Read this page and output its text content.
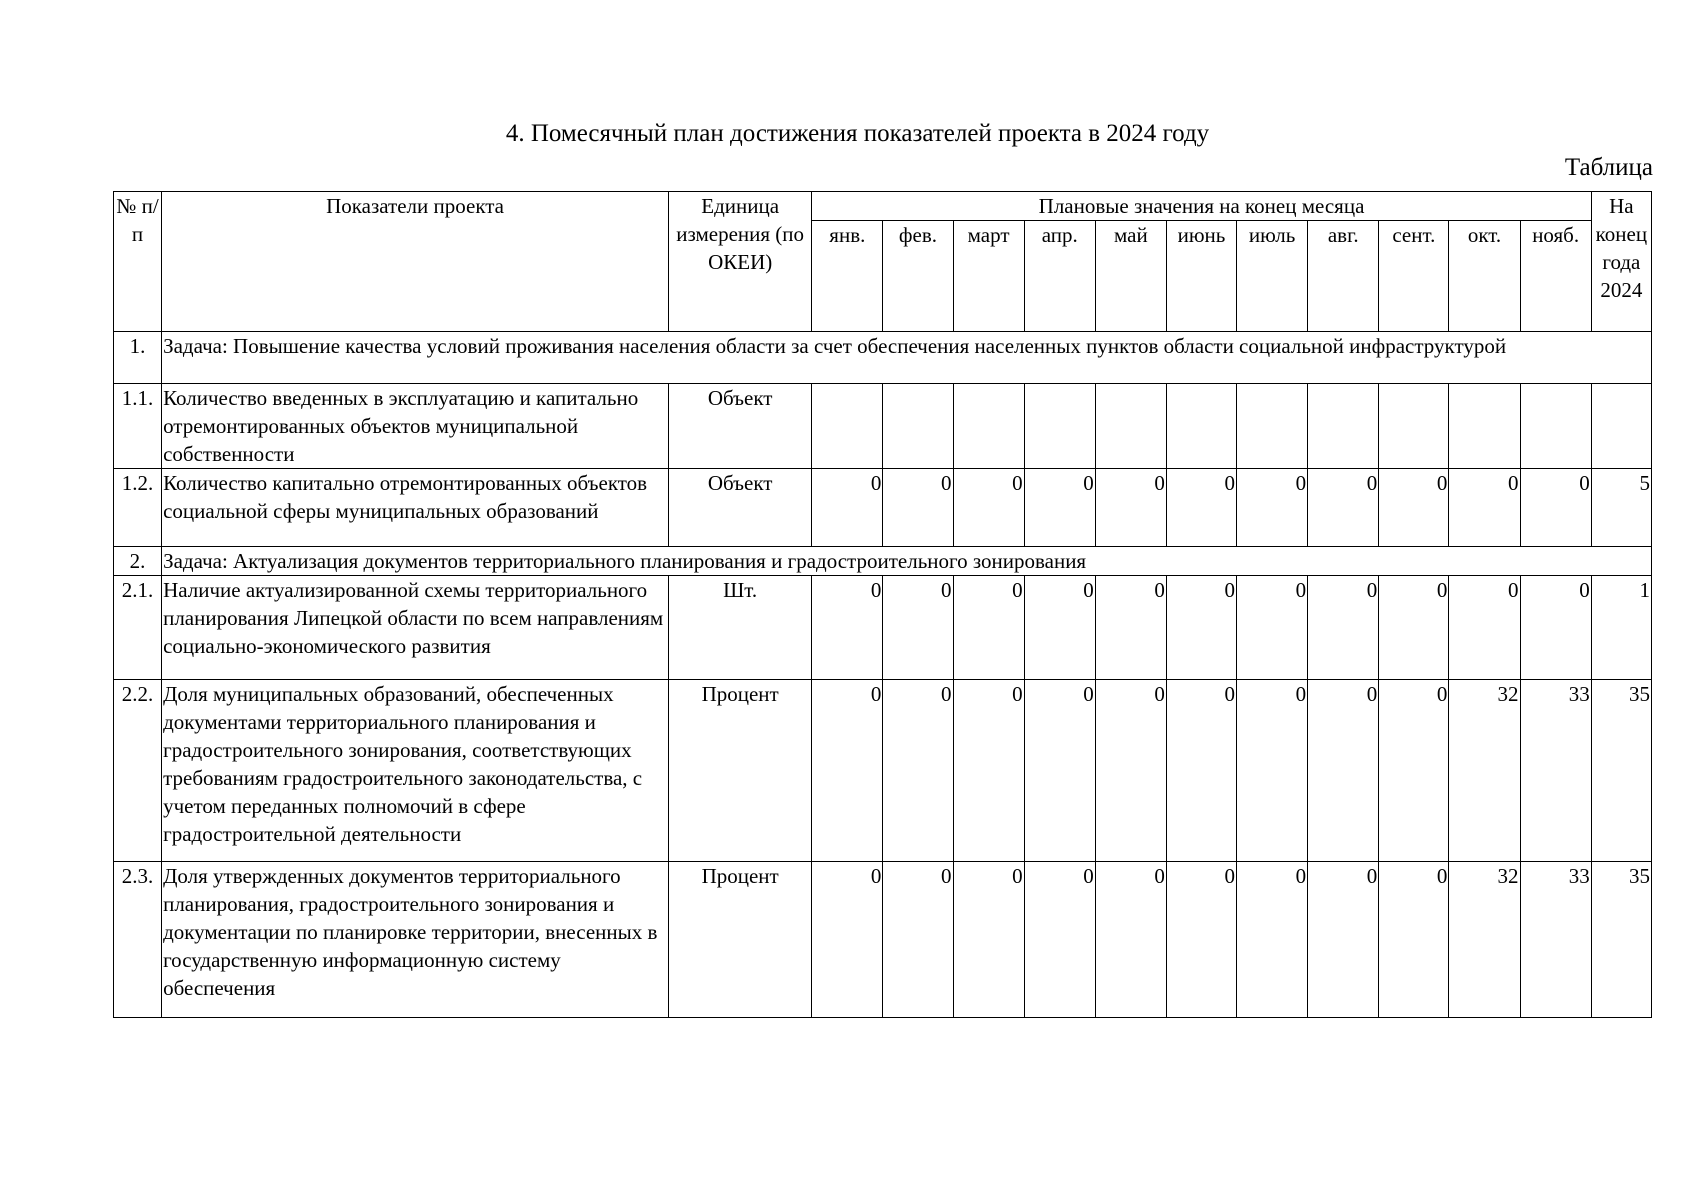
4. Помесячный план достижения показателей проекта в 2024 году
Таблица
№ п/п	Показатели проекта	Единица измерения (по ОКЕИ)	Плановые значения на конец месяца											На конец года 2024
			янв.	фев.	март	апр.	май	июнь	июль	авг.	сент.	окт.	нояб.	
1.	Задача: Повышение качества условий проживания населения области за счет обеспечения населенных пунктов области социальной инфраструктурой													
1.1.	Количество введенных в эксплуатацию и капитально отремонтированных объектов муниципальной собственности	Объект												
1.2.	Количество капитально отремонтированных объектов социальной сферы муниципальных образований	Объект	0	0	0	0	0	0	0	0	0	0	0	5
2.	Задача: Актуализация документов территориального планирования и градостроительного зонирования													
2.1.	Наличие актуализированной схемы территориального планирования Липецкой области по всем направлениям социально-экономического развития	Шт.	0	0	0	0	0	0	0	0	0	0	0	1
2.2.	Доля муниципальных образований, обеспеченных документами территориального планирования и градостроительного зонирования, соответствующих требованиям градостроительного законодательства, с учетом переданных полномочий в сфере градостроительной деятельности	Процент	0	0	0	0	0	0	0	0	0	32	33	35
2.3.	Доля утвержденных документов территориального планирования, градостроительного зонирования и документации по планировке территории, внесенных в государственную информационную систему обеспечения	Процент	0	0	0	0	0	0	0	0	0	32	33	35
